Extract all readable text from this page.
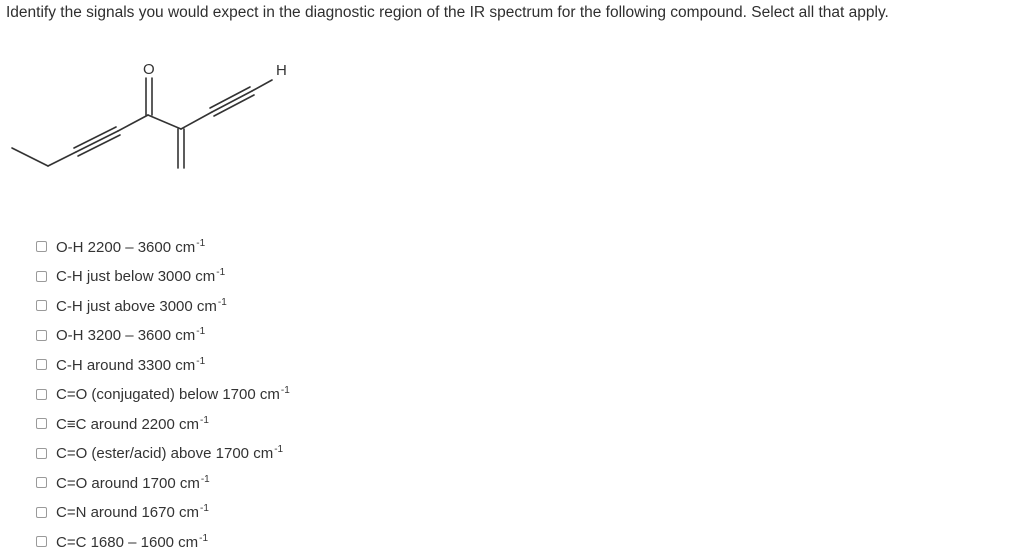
Identify the signals you would expect in the diagnostic region of the IR spectrum for the following compound. Select all that apply.
O	H
O-H 2200 – 3600 $cm^{-1}$
C-H just below 3000 $cm^{-1}$
C-H just above 3000 $cm^{-1}$
O-H 3200 – 3600 $cm^{-1}$
C-H around 3300 $cm^{-1}$
C=O (conjugated) below 1700 $cm^{-1}$
C≡C around 2200 $cm^{-1}$
C=O (ester/acid) above 1700 $cm^{-1}$
C=O around 1700 $cm^{-1}$
C=N around 1670 $cm^{-1}$
C=C 1680 – 1600 $cm^{-1}$
